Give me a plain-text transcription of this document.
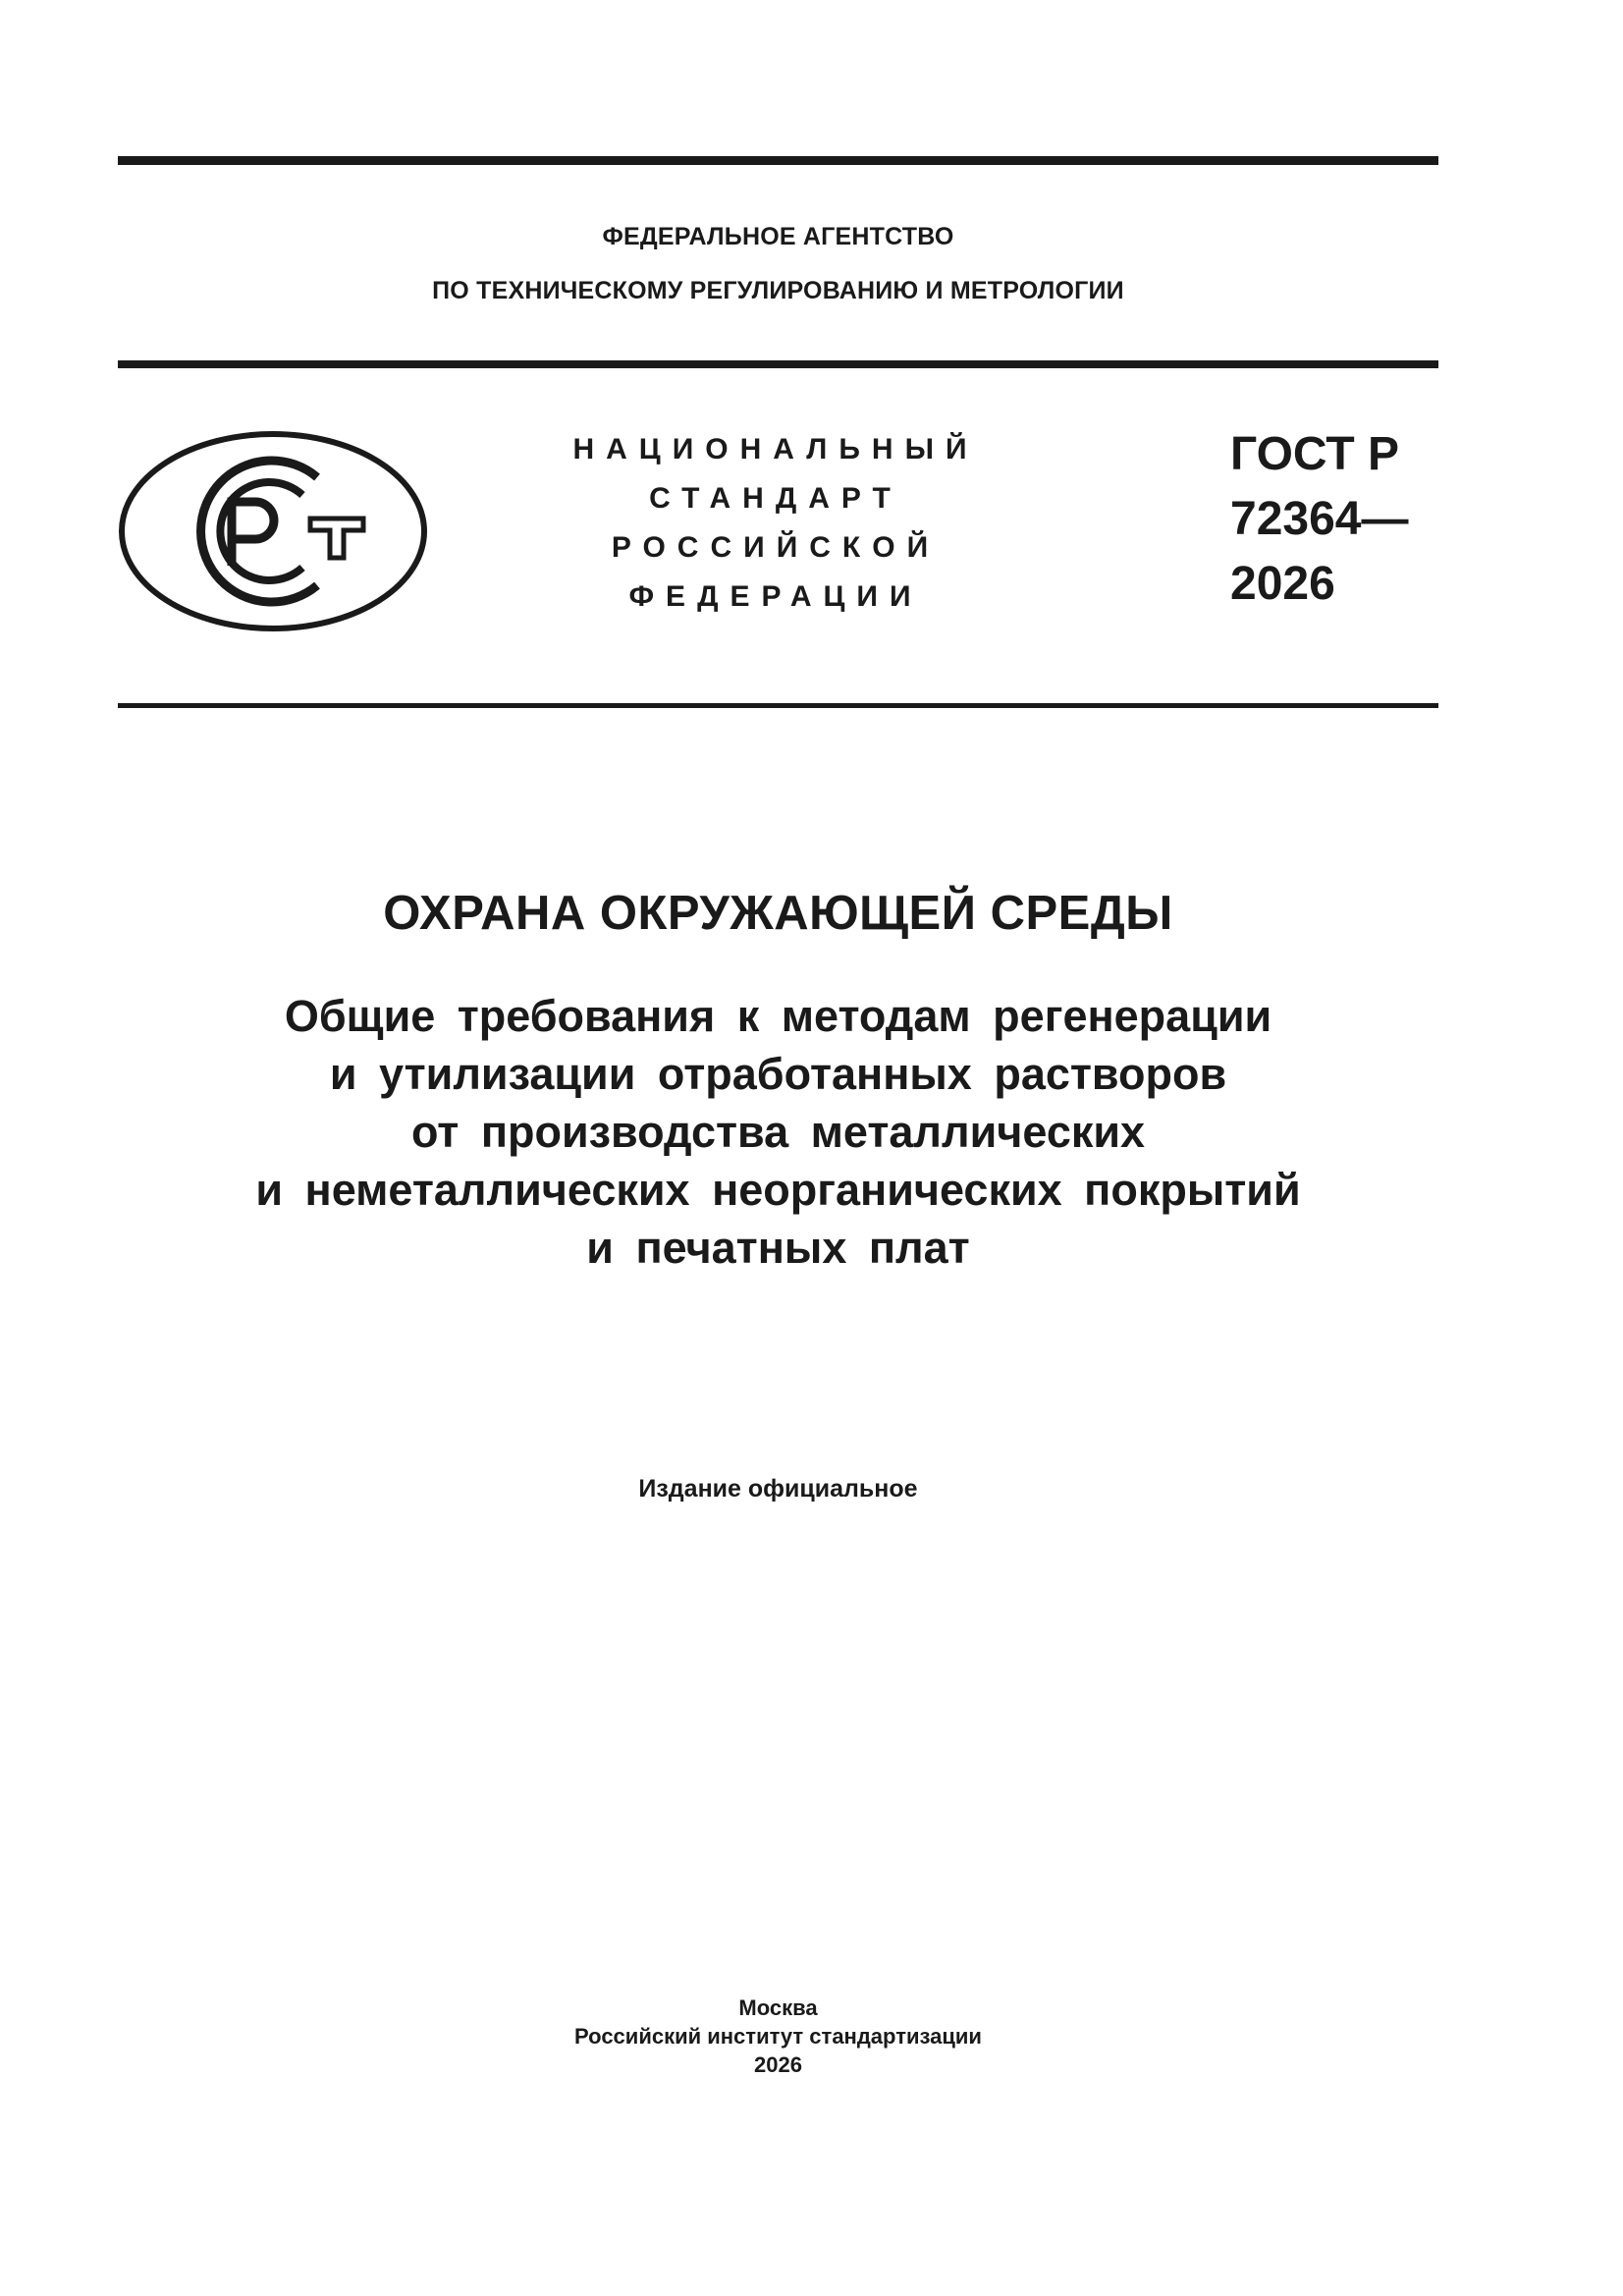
ФЕДЕРАЛЬНОЕ АГЕНТСТВО
ПО ТЕХНИЧЕСКОМУ РЕГУЛИРОВАНИЮ И МЕТРОЛОГИИ
НАЦИОНАЛЬНЫЙ
СТАНДАРТ
РОССИЙСКОЙ
ФЕДЕРАЦИИ
ГОСТ Р
72364—
2026
ОХРАНА ОКРУЖАЮЩЕЙ СРЕДЫ
Общие требования к методам регенерации
и утилизации отработанных растворов
от производства металлических
и неметаллических неорганических покрытий
и печатных плат
Издание официальное
Москва
Российский институт стандартизации
2026
